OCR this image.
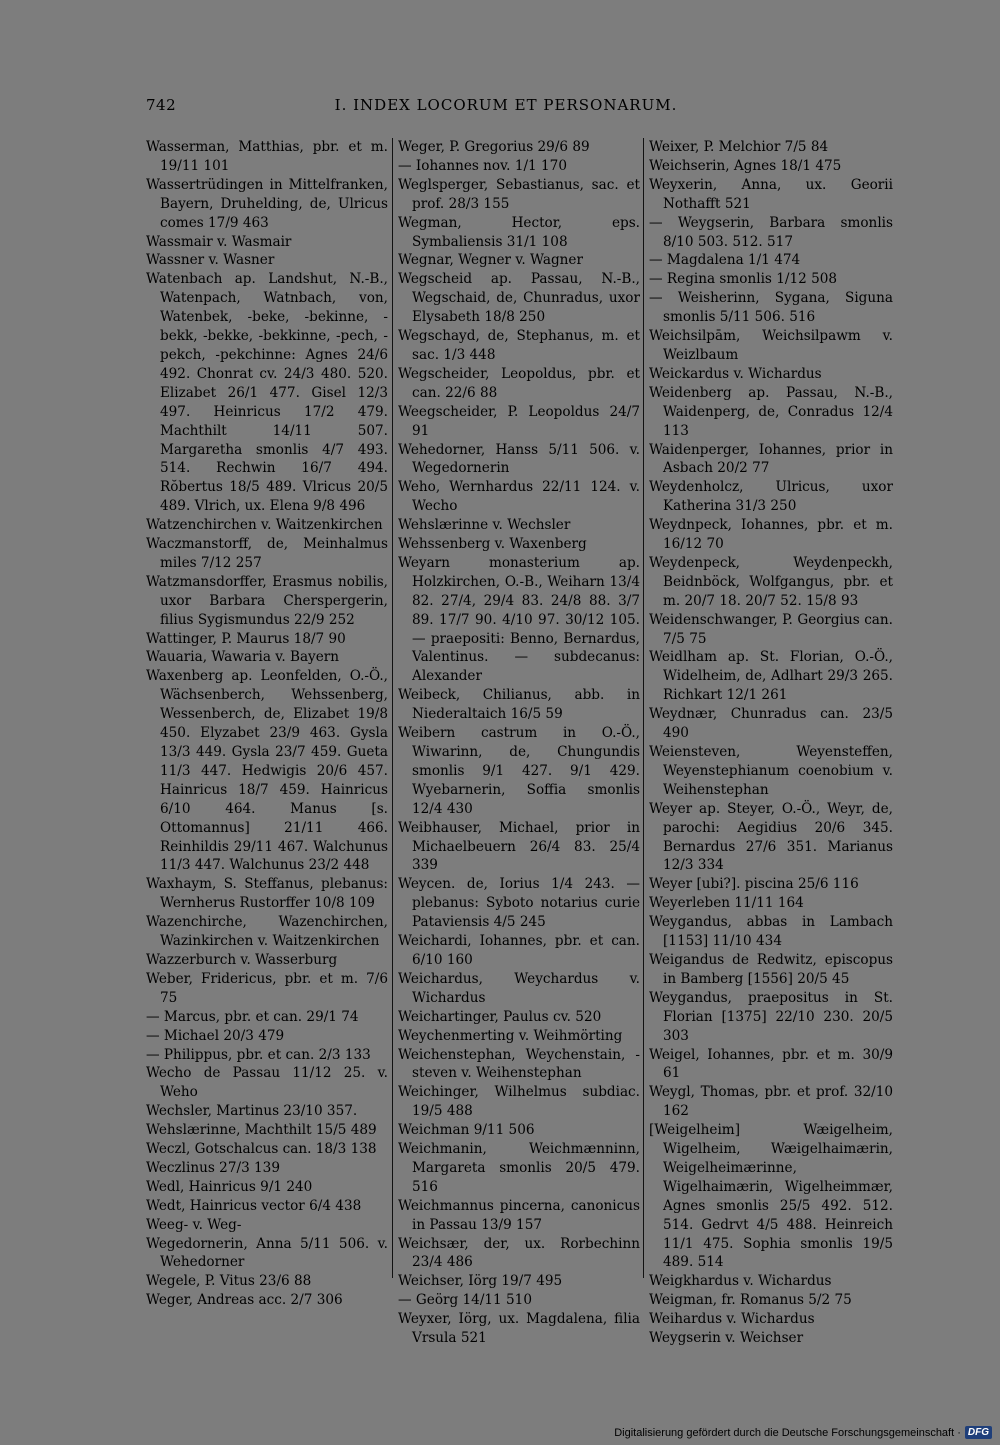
742	I. INDEX LOCORUM ET PERSONARUM.

Wasserman, Matthias, pbr. et m. 19/11 101

Wassertrüdingen in Mittelfranken, Bayern, Druhelding, de, Ulricus comes 17/9 463

Wassmair v. Wasmair

Wassner v. Wasner

Watenbach ap. Landshut, N.-B., Watenpach, Watnbach, von, Watenbek, -beke, -bekinne, -bekk, -bekke, -bekkinne, -pech, -pekch, -pekchinne: Agnes 24/6 492. Chonrat cv. 24/3 480. 520. Elizabet 26/1 477. Gisel 12/3 497. Heinricus 17/2 479. Machthilt 14/11 507. Margaretha smonlis 4/7 493. 514. Rechwin 16/7 494. Rŏbertus 18/5 489. Vlricus 20/5 489. Vlrich, ux. Elena 9/8 496

Watzenchirchen v. Waitzenkirchen

Waczmanstorff, de, Meinhalmus miles 7/12 257

Watzmansdorffer, Erasmus nobilis, uxor Barbara Cherspergerin, filius Sygismundus 22/9 252

Wattinger, P. Maurus 18/7 90

Wauaria, Wawaria v. Bayern

Waxenberg ap. Leonfelden, O.-Ö., Wächsenberch, Wehssenberg, Wessenberch, de, Elizabet 19/8 450. Elyzabet 23/9 463. Gysla 13/3 449. Gysla 23/7 459. Gueta 11/3 447. Hedwigis 20/6 457. Hainricus 18/7 459. Hainricus 6/10 464. Manus [s. Ottomannus] 21/11 466. Reinhildis 29/11 467. Walchunus 11/3 447. Walchunus 23/2 448

Waxhaym, S. Steffanus, plebanus: Wernherus Rustorffer 10/8 109

Wazenchirche, Wazenchirchen, Wazinkirchen v. Waitzenkirchen

Wazzerburch v. Wasserburg

Weber, Fridericus, pbr. et m. 7/6 75

— Marcus, pbr. et can. 29/1 74

— Michael 20/3 479

— Philippus, pbr. et can. 2/3 133

Wecho de Passau 11/12 25. v. Weho

Wechsler, Martinus 23/10 357.

Wehslærinne, Machthilt 15/5 489

Weczl, Gotschalcus can. 18/3 138

Weczlinus 27/3 139

Wedl, Hainricus 9/1 240

Wedt, Hainricus vector 6/4 438

Weeg- v. Weg-

Wegedornerin, Anna 5/11 506. v. Wehedorner

Wegele, P. Vitus 23/6 88

Weger, Andreas acc. 2/7 306

Weger, P. Gregorius 29/6 89

— Iohannes nov. 1/1 170

Weglsperger, Sebastianus, sac. et prof. 28/3 155

Wegman, Hector, eps. Symbaliensis 31/1 108

Wegnar, Wegner v. Wagner

Wegscheid ap. Passau, N.-B., Wegschaid, de, Chunradus, uxor Elysabeth 18/8 250

Wegschayd, de, Stephanus, m. et sac. 1/3 448

Wegscheider, Leopoldus, pbr. et can. 22/6 88

Weegscheider, P. Leopoldus 24/7 91

Wehedorner, Hanss 5/11 506. v. Wegedornerin

Weho, Wernhardus 22/11 124. v. Wecho

Wehslærinne v. Wechsler

Wehssenberg v. Waxenberg

Weyarn monasterium ap. Holzkirchen, O.-B., Weiharn 13/4 82. 27/4, 29/4 83. 24/8 88. 3/7 89. 17/7 90. 4/10 97. 30/12 105. — praepositi: Benno, Bernardus, Valentinus. — subdecanus: Alexander

Weibeck, Chilianus, abb. in Niederaltaich 16/5 59

Weibern castrum in O.-Ö., Wiwarinn, de, Chungundis smonlis 9/1 427. 9/1 429. Wyebarnerin, Soffia smonlis 12/4 430

Weibhauser, Michael, prior in Michaelbeuern 26/4 83. 25/4 339

Weycen. de, Iorius 1/4 243. — plebanus: Syboto notarius curie Pataviensis 4/5 245

Weichardi, Iohannes, pbr. et can. 6/10 160

Weichardus, Weychardus v. Wichardus

Weichartinger, Paulus cv. 520

Weychenmerting v. Weihmörting

Weichenstephan, Weychenstain, -steven v. Weihenstephan

Weichinger, Wilhelmus subdiac. 19/5 488

Weichman 9/11 506

Weichmanin, Weichmænninn, Margareta smonlis 20/5 479. 516

Weichmannus pincerna, canonicus in Passau 13/9 157

Weichsær, der, ux. Rorbechinn 23/4 486

Weichser, Iörg 19/7 495

— Geörg 14/11 510

Weyxer, Iörg, ux. Magdalena, filia Vrsula 521

Weixer, P. Melchior 7/5 84

Weichserin, Agnes 18/1 475

Weyxerin, Anna, ux. Georii Nothafft 521

— Weygserin, Barbara smonlis 8/10 503. 512. 517

— Magdalena 1/1 474

— Regina smonlis 1/12 508

— Weisherinn, Sygana, Siguna smonlis 5/11 506. 516

Weichsilpām, Weichsilpawm v. Weizlbaum

Weickardus v. Wichardus

Weidenberg ap. Passau, N.-B., Waidenperg, de, Conradus 12/4 113

Waidenperger, Iohannes, prior in Asbach 20/2 77

Weydenholcz, Ulricus, uxor Katherina 31/3 250

Weydnpeck, Iohannes, pbr. et m. 16/12 70

Weydenpeck, Weydenpeckh, Beidnböck, Wolfgangus, pbr. et m. 20/7 18. 20/7 52. 15/8 93

Weidenschwanger, P. Georgius can. 7/5 75

Weidlham ap. St. Florian, O.-Ö., Widelheim, de, Adlhart 29/3 265. Richkart 12/1 261

Weydnær, Chunradus can. 23/5 490

Weiensteven, Weyensteffen, Weyenstephianum coenobium v. Weihenstephan

Weyer ap. Steyer, O.-Ö., Weyr, de, parochi: Aegidius 20/6 345. Bernardus 27/6 351. Marianus 12/3 334

Weyer [ubi?]. piscina 25/6 116

Weyerleben 11/11 164

Weygandus, abbas in Lambach [1153] 11/10 434

Weigandus de Redwitz, episcopus in Bamberg [1556] 20/5 45

Weygandus, praepositus in St. Florian [1375] 22/10 230. 20/5 303

Weigel, Iohannes, pbr. et m. 30/9 61

Weygl, Thomas, pbr. et prof. 32/10 162

[Weigelheim] Wæigelheim, Wigelheim, Wæigelhaimærin, Weigelheimærinne, Wigelhaimærin, Wigelheimmær, Agnes smonlis 25/5 492. 512. 514. Gedrvt 4/5 488. Heinreich 11/1 475. Sophia smonlis 19/5 489. 514

Weigkhardus v. Wichardus

Weigman, fr. Romanus 5/2 75

Weihardus v. Wichardus

Weygserin v. Weichser

Digitalisierung gefördert durch die Deutsche Forschungsgemeinschaft · DFG
